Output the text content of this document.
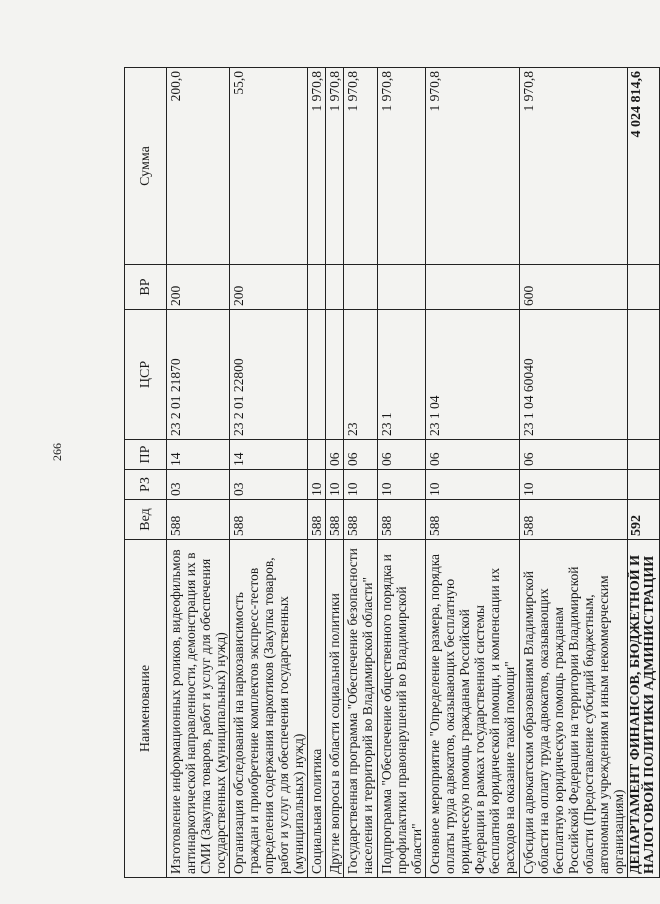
266
Наименование	Вед	РЗ	ПР	ЦСР	ВР	Сумма
Изготовление информационных роликов, видеофильмов антинаркотической направленности, демонстрация их в СМИ (Закупка товаров, работ и услуг для обеспечения государственных (муниципальных) нужд)	588	03	14	23 2 01 21870	200	200,0
Организация обследований на наркозависимость граждан и приобретение комплектов экспресс-тестов определения содержания наркотиков (Закупка товаров, работ и услуг для обеспечения государственных (муниципальных) нужд)	588	03	14	23 2 01 22800	200	55,0
Социальная политика	588	10				1 970,8
Другие вопросы в области социальной политики	588	10	06			1 970,8
Государственная программа "Обеспечение безопасности населения и территорий во Владимирской области"	588	10	06	23		1 970,8
Подпрограмма "Обеспечение общественного порядка и профилактики правонарушений во Владимирской области"	588	10	06	23 1		1 970,8
Основное мероприятие "Определение размера, порядка оплаты труда адвокатов, оказывающих бесплатную юридическую помощь гражданам Российской Федерации в рамках государственной системы бесплатной юридической помощи, и компенсации их расходов на оказание такой помощи"	588	10	06	23 1 04		1 970,8
Субсидии адвокатским образованиям Владимирской области на оплату труда адвокатов, оказывающих бесплатную юридическую помощь гражданам Российской Федерации на территории Владимирской области (Предоставление субсидий бюджетным, автономным учреждениям и иным некоммерческим организациям)	588	10	06	23 1 04 60040	600	1 970,8
ДЕПАРТАМЕНТ ФИНАНСОВ, БЮДЖЕТНОЙ И НАЛОГОВОЙ ПОЛИТИКИ АДМИНИСТРАЦИИ	592					4 024 814,6
